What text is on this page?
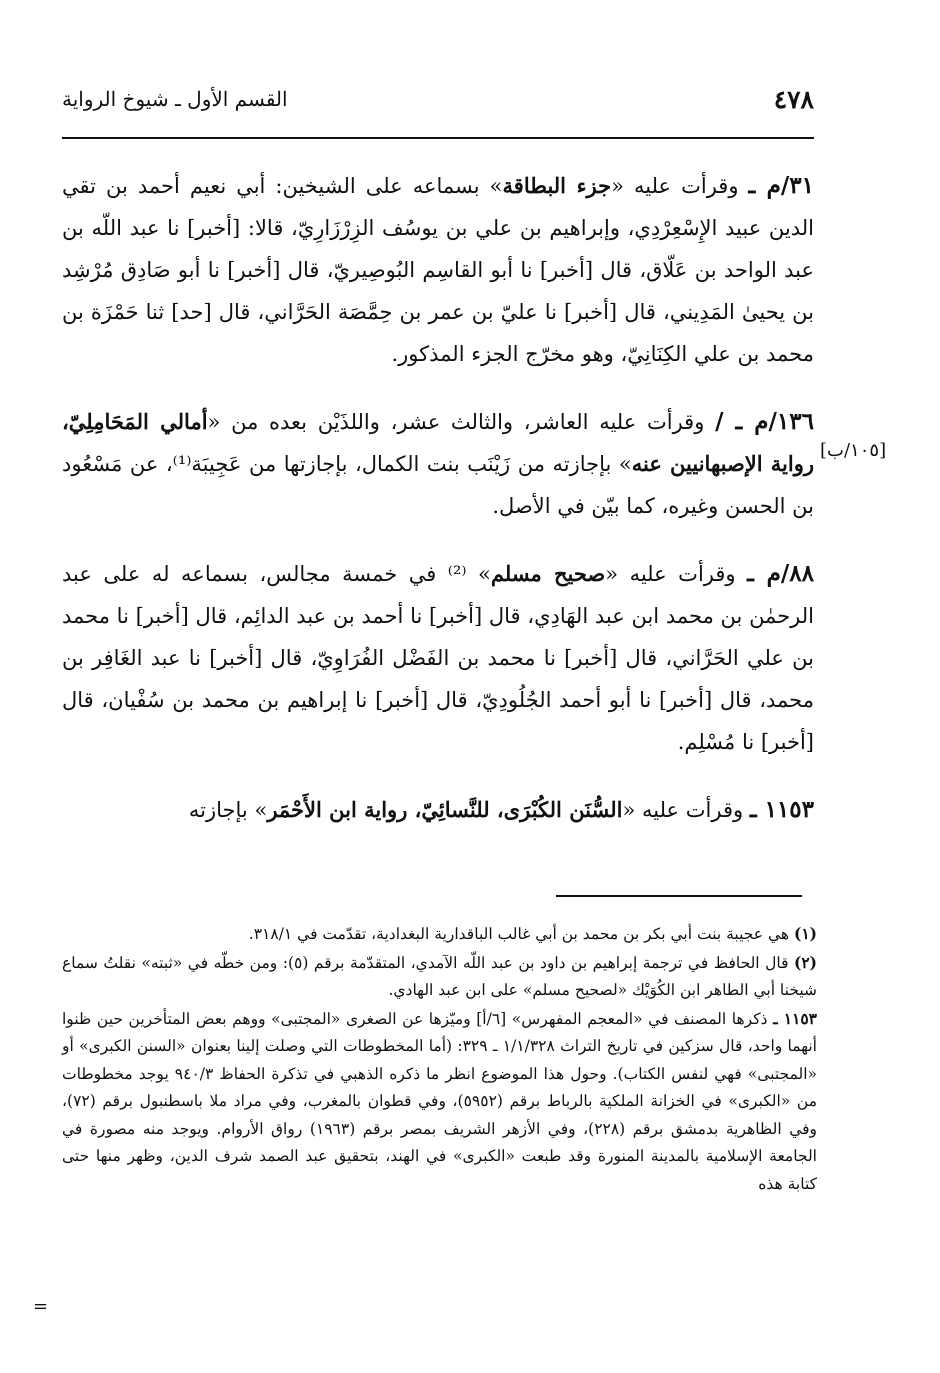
٤٧٨
القسم الأول ـ شيوخ الرواية
[١٠٥/ب]

٣١/م ـ وقرأت عليه «جزء البطاقة» بسماعه على الشيخين: أبي نعيم أحمد بن تقي الدين عبيد الإِسْعِرْدِي، وإبراهيم بن علي بن يوسُف الزِرْزَارِيّ، قالا: [أخبر] نا عبد اللّه بن عبد الواحد بن عَلّاق، قال [أخبر] نا أبو القاسِم البُوصِيريّ، قال [أخبر] نا أبو صَادِق مُرْشِد بن يحيىٰ المَدِيني، قال [أخبر] نا عليّ بن عمر بن حِمَّصَة الحَرَّاني، قال [حد] ثنا حَمْزَة بن محمد بن علي الكِنَانِيّ، وهو مخرّج الجزء المذكور.

١٣٦/م ـ / وقرأت عليه العاشر، والثالث عشر، واللذَيْن بعده من «أمالي المَحَامِلِيّ، رواية الإصبهانيين عنه» بإجازته من زَيْنَب بنت الكمال، بإجازتها من عَجِيبَة⁽¹⁾، عن مَسْعُود بن الحسن وغيره، كما بيّن في الأصل.

٨٨/م ـ وقرأت عليه «صحيح مسلم» ⁽²⁾ في خمسة مجالس، بسماعه له على عبد الرحمٰن بن محمد ابن عبد الهَادِي، قال [أخبر] نا أحمد بن عبد الدائِم، قال [أخبر] نا محمد بن علي الحَرَّاني، قال [أخبر] نا محمد بن الفَضْل الفُرَاوِيّ، قال [أخبر] نا عبد الغَافِر بن محمد، قال [أخبر] نا أبو أحمد الجُلُودِيّ، قال [أخبر] نا إبراهيم بن محمد بن سُفْيان، قال [أخبر] نا مُسْلِم.

١١٥٣ ـ وقرأت عليه «السُّنَن الكُبْرَى، للنَّسائِيّ، رواية ابن الأَحْمَر» بإجازته

(١) هي عجيبة بنت أبي بكر بن محمد بن أبي غالب الباقدارية البغدادية، تقدّمت في ٣١٨/١.

(٢) قال الحافظ في ترجمة إبراهيم بن داود بن عبد اللّه الآمدي، المتقدّمة برقم (٥): ومن خطّه في «ثبته» نقلتُ سماع شيخنا أبي الطاهر ابن الكُوَيْك «لصحيح مسلم» على ابن عبد الهادي.

١١٥٣ ـ ذكرها المصنف في «المعجم المفهرس» [٦/أ] وميّزها عن الصغرى «المجتبى» ووهم بعض المتأخرين حين ظنوا أنهما واحد، قال سزكين في تاريخ التراث ١/١/٣٢٨ ـ ٣٢٩: (أما المخطوطات التي وصلت إلينا بعنوان «السنن الكبرى» أو «المجتبى» فهي لنفس الكتاب). وحول هذا الموضوع انظر ما ذكره الذهبي في تذكرة الحفاظ ٩٤٠/٣ يوجد مخطوطات من «الكبرى» في الخزانة الملكية بالرباط برقم (٥٩٥٢)، وفي قطوان بالمغرب، وفي مراد ملا باسطنبول برقم (٧٢)، وفي الظاهرية بدمشق برقم (٢٢٨)، وفي الأزهر الشريف بمصر برقم (١٩٦٣) رواق الأروام. ويوجد منه مصورة في الجامعة الإسلامية بالمدينة المنورة وقد طبعت «الكبرى» في الهند، بتحقيق عبد الصمد شرف الدين، وظهر منها حتى كتابة هذه

=
